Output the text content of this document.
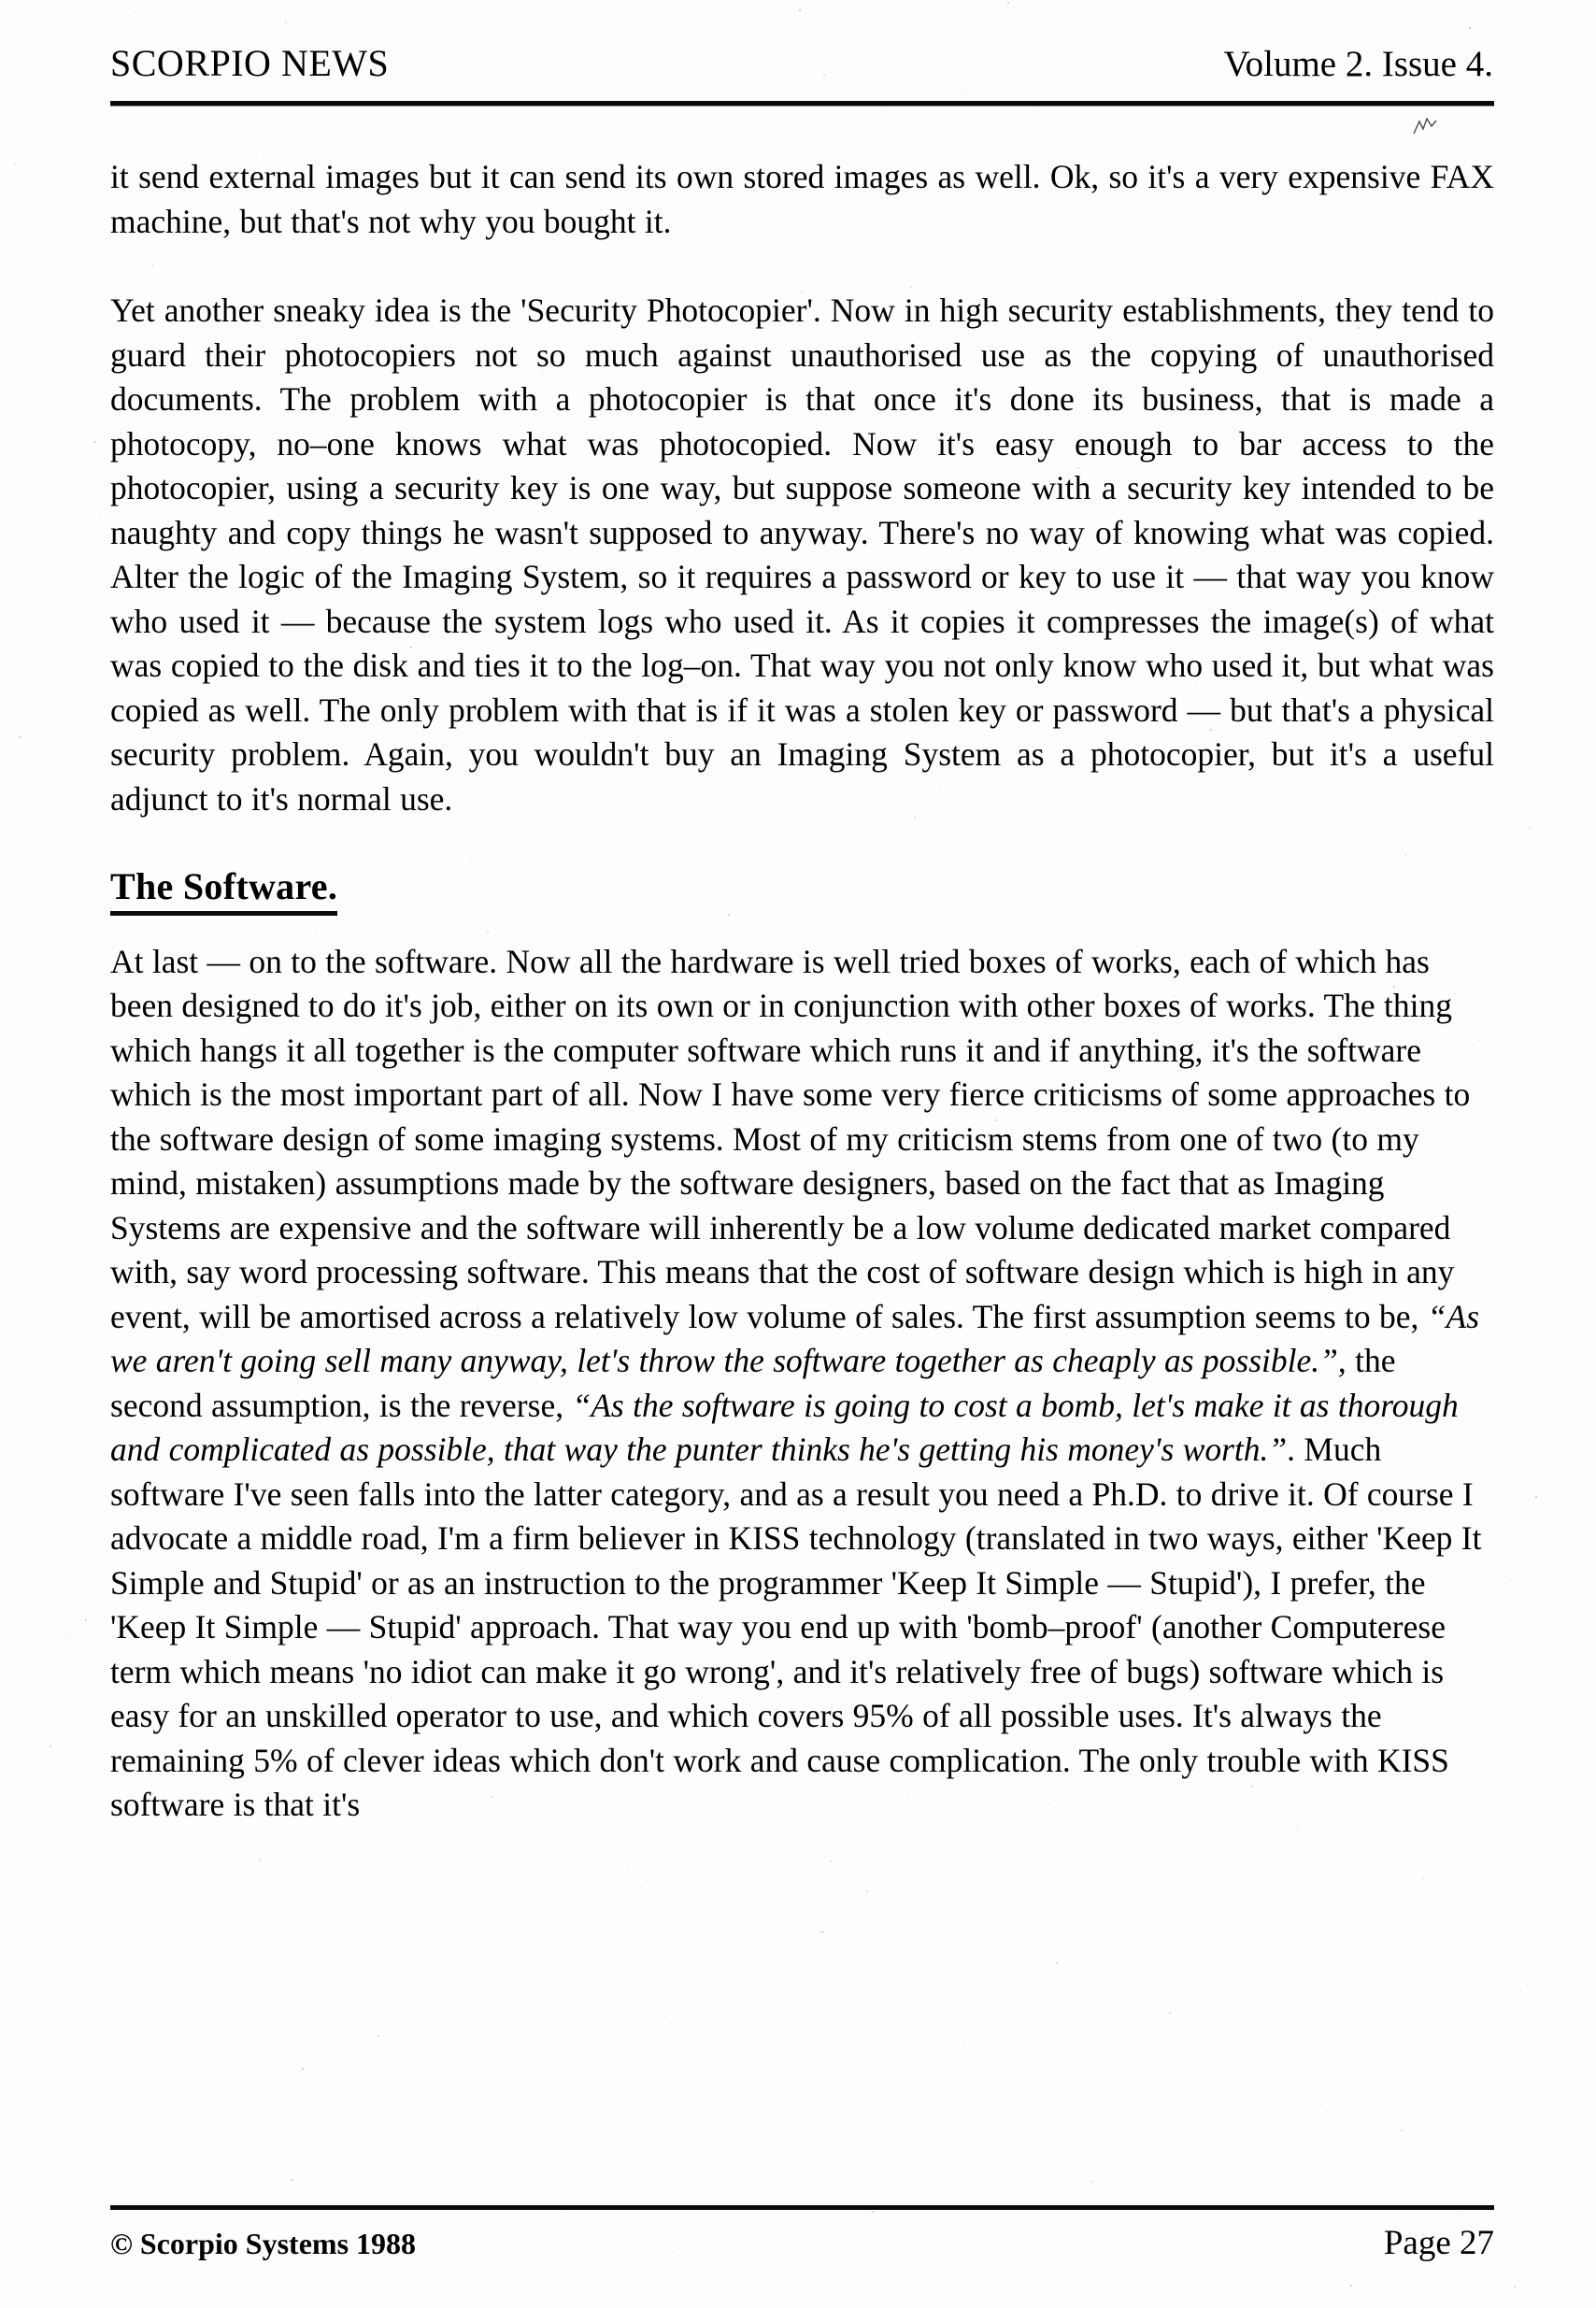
SCORPIO NEWS	Volume 2. Issue 4.

it send external images but it can send its own stored images as well. Ok, so it's a very expensive FAX machine, but that's not why you bought it.

Yet another sneaky idea is the 'Security Photocopier'. Now in high security establishments, they tend to guard their photocopiers not so much against unauthorised use as the copying of unauthorised documents. The problem with a photocopier is that once it's done its business, that is made a photocopy, no–one knows what was photocopied. Now it's easy enough to bar access to the photocopier, using a security key is one way, but suppose someone with a security key intended to be naughty and copy things he wasn't supposed to anyway. There's no way of knowing what was copied. Alter the logic of the Imaging System, so it requires a password or key to use it — that way you know who used it — because the system logs who used it. As it copies it compresses the image(s) of what was copied to the disk and ties it to the log–on. That way you not only know who used it, but what was copied as well. The only problem with that is if it was a stolen key or password — but that's a physical security problem. Again, you wouldn't buy an Imaging System as a photocopier, but it's a useful adjunct to it's normal use.

The Software.

At last — on to the software. Now all the hardware is well tried boxes of works, each of which has been designed to do it's job, either on its own or in conjunction with other boxes of works. The thing which hangs it all together is the computer software which runs it and if anything, it's the software which is the most important part of all. Now I have some very fierce criticisms of some approaches to the software design of some imaging systems. Most of my criticism stems from one of two (to my mind, mistaken) assumptions made by the software designers, based on the fact that as Imaging Systems are expensive and the software will inherently be a low volume dedicated market compared with, say word processing software. This means that the cost of software design which is high in any event, will be amortised across a relatively low volume of sales. The first assumption seems to be, “As we aren't going sell many anyway, let's throw the software together as cheaply as possible.”, the second assumption, is the reverse, “As the software is going to cost a bomb, let's make it as thorough and complicated as possible, that way the punter thinks he's getting his money's worth.”. Much software I've seen falls into the latter category, and as a result you need a Ph.D. to drive it. Of course I advocate a middle road, I'm a firm believer in KISS technology (translated in two ways, either 'Keep It Simple and Stupid' or as an instruction to the programmer 'Keep It Simple — Stupid'), I prefer, the 'Keep It Simple — Stupid' approach. That way you end up with 'bomb–proof' (another Computerese term which means 'no idiot can make it go wrong', and it's relatively free of bugs) software which is easy for an unskilled operator to use, and which covers 95% of all possible uses. It's always the remaining 5% of clever ideas which don't work and cause complication. The only trouble with KISS software is that it's

© Scorpio Systems 1988	Page 27
